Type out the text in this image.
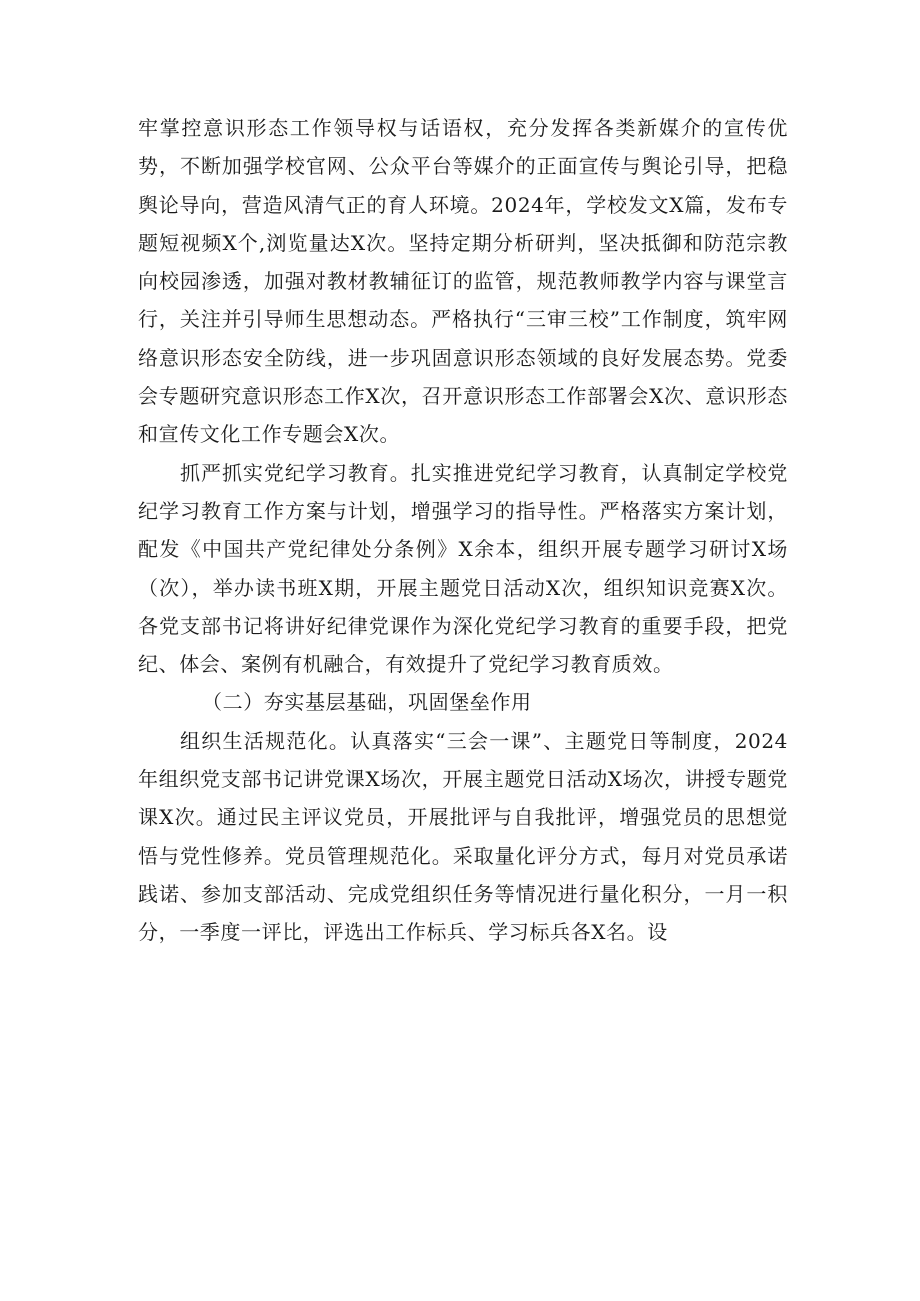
牢掌控意识形态工作领导权与话语权，充分发挥各类新媒介的宣传优势，不断加强学校官网、公众平台等媒介的正面宣传与舆论引导，把稳舆论导向，营造风清气正的育人环境。2024年，学校发文X篇，发布专题短视频X个,浏览量达X次。坚持定期分析研判，坚决抵御和防范宗教向校园渗透，加强对教材教辅征订的监管，规范教师教学内容与课堂言行，关注并引导师生思想动态。严格执行“三审三校”工作制度，筑牢网络意识形态安全防线，进一步巩固意识形态领域的良好发展态势。党委会专题研究意识形态工作X次，召开意识形态工作部署会X次、意识形态和宣传文化工作专题会X次。

抓严抓实党纪学习教育。扎实推进党纪学习教育，认真制定学校党纪学习教育工作方案与计划，增强学习的指导性。严格落实方案计划，配发《中国共产党纪律处分条例》X余本，组织开展专题学习研讨X场（次），举办读书班X期，开展主题党日活动X次，组织知识竞赛X次。各党支部书记将讲好纪律党课作为深化党纪学习教育的重要手段，把党纪、体会、案例有机融合，有效提升了党纪学习教育质效。

（二）夯实基层基础，巩固堡垒作用

组织生活规范化。认真落实“三会一课”、主题党日等制度，2024年组织党支部书记讲党课X场次，开展主题党日活动X场次，讲授专题党课X次。通过民主评议党员，开展批评与自我批评，增强党员的思想觉悟与党性修养。党员管理规范化。采取量化评分方式，每月对党员承诺践诺、参加支部活动、完成党组织任务等情况进行量化积分，一月一积分，一季度一评比，评选出工作标兵、学习标兵各X名。设
